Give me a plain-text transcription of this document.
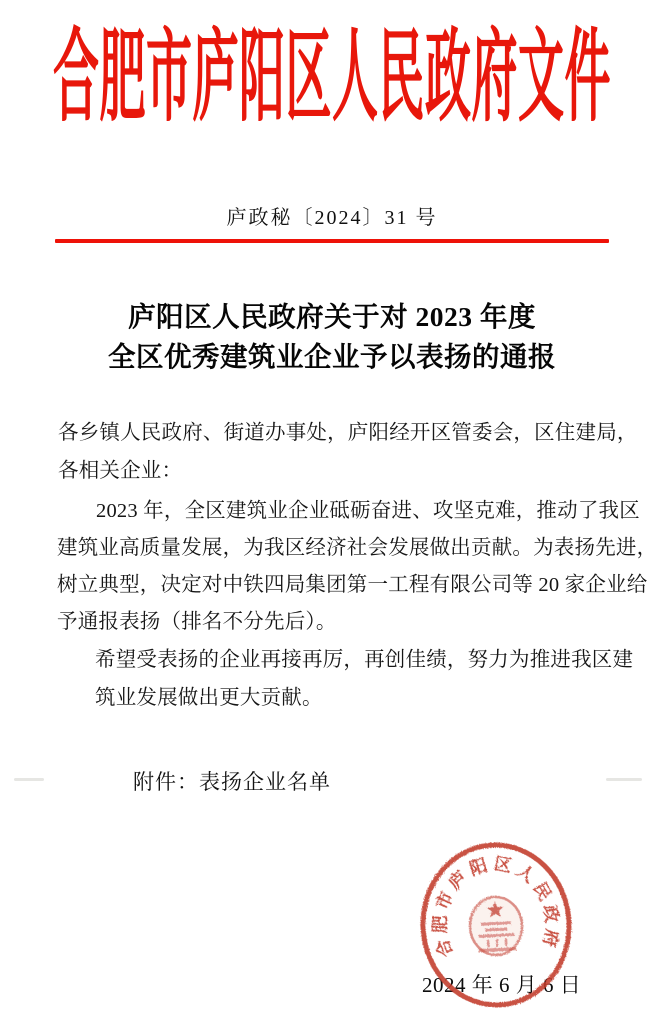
合肥市庐阳区人民政府文件
庐政秘〔2024〕31 号
庐阳区人民政府关于对 2023 年度
全区优秀建筑业企业予以表扬的通报
各乡镇人民政府、街道办事处，庐阳经开区管委会，区住建局，
各相关企业：
2023 年，全区建筑业企业砥砺奋进、攻坚克难，推动了我区
建筑业高质量发展，为我区经济社会发展做出贡献。为表扬先进，
树立典型，决定对中铁四局集团第一工程有限公司等 20 家企业给
予通报表扬（排名不分先后）。
希望受表扬的企业再接再厉，再创佳绩，努力为推进我区建
筑业发展做出更大贡献。
附件：表扬企业名单
2024 年 6 月 6 日
合肥市庐阳区人民政府
